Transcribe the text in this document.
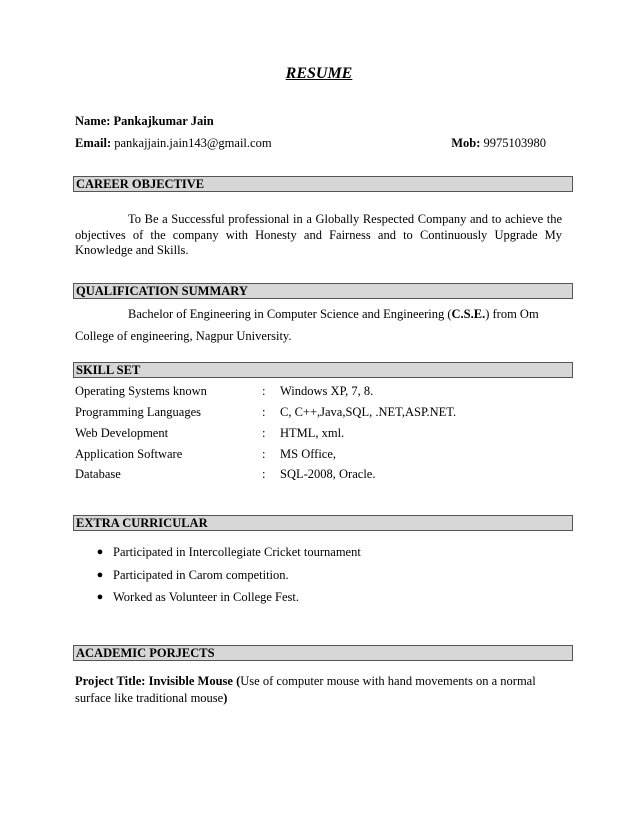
RESUME
Name: Pankajkumar Jain
Email: pankajjain.jain143@gmail.com	Mob: 9975103980
CAREER OBJECTIVE
To Be a Successful professional in a Globally Respected Company and to achieve the objectives of the company with Honesty and Fairness and to Continuously Upgrade My Knowledge and Skills.
QUALIFICATION SUMMARY
Bachelor of Engineering in Computer Science and Engineering (C.S.E.) from Om
College of engineering, Nagpur University.
SKILL SET
Operating Systems known	: Windows XP, 7, 8.
Programming Languages	: C, C++,Java,SQL, .NET,ASP.NET.
Web Development	: HTML, xml.
Application Software	: MS Office,
Database	: SQL-2008, Oracle.
EXTRA CURRICULAR
● Participated in Intercollegiate Cricket tournament
● Participated in Carom competition.
● Worked as Volunteer in College Fest.
ACADEMIC PORJECTS
Project Title: Invisible Mouse (Use of computer mouse with hand movements on a normal
surface like traditional mouse)
